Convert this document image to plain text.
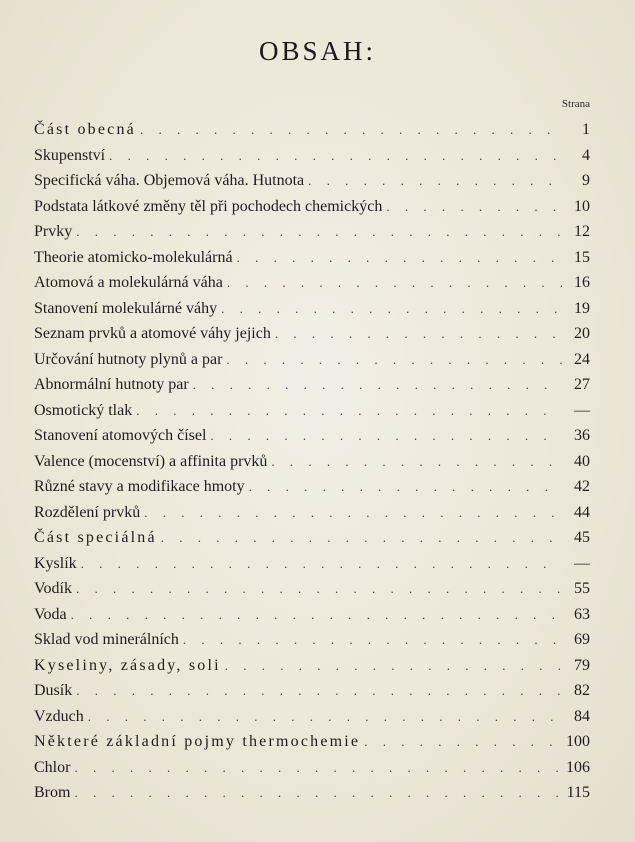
OBSAH:
Strana
Část obecná . . .	1
Skupenství . . .	4
Specifická váha. Objemová váha. Hutnota . . .	9
Podstata látkové změny těl při pochodech chemických . . .	10
Prvky . . .	12
Theorie atomicko-molekulárná . . .	15
Atomová a molekulárná váha . . .	16
Stanovení molekulárné váhy . . .	19
Seznam prvků a atomové váhy jejich . . .	20
Určování hutnoty plynů a par . . .	24
Abnormální hutnoty par . . .	27
Osmotický tlak . . .	—
Stanovení atomových čísel . . .	36
Valence (mocenství) a affinita prvků . . .	40
Různé stavy a modifikace hmoty . . .	42
Rozdělení prvků . . .	44
Část speciálná . . .	45
Kyslík . . .	—
Vodík . . .	55
Voda . . .	63
Sklad vod minerálních . . .	69
Kyseliny, zásady, soli . . .	79
Dusík . . .	82
Vzduch . . .	84
Některé základní pojmy thermochemie . . .	100
Chlor . . .	106
Brom . . .	115
